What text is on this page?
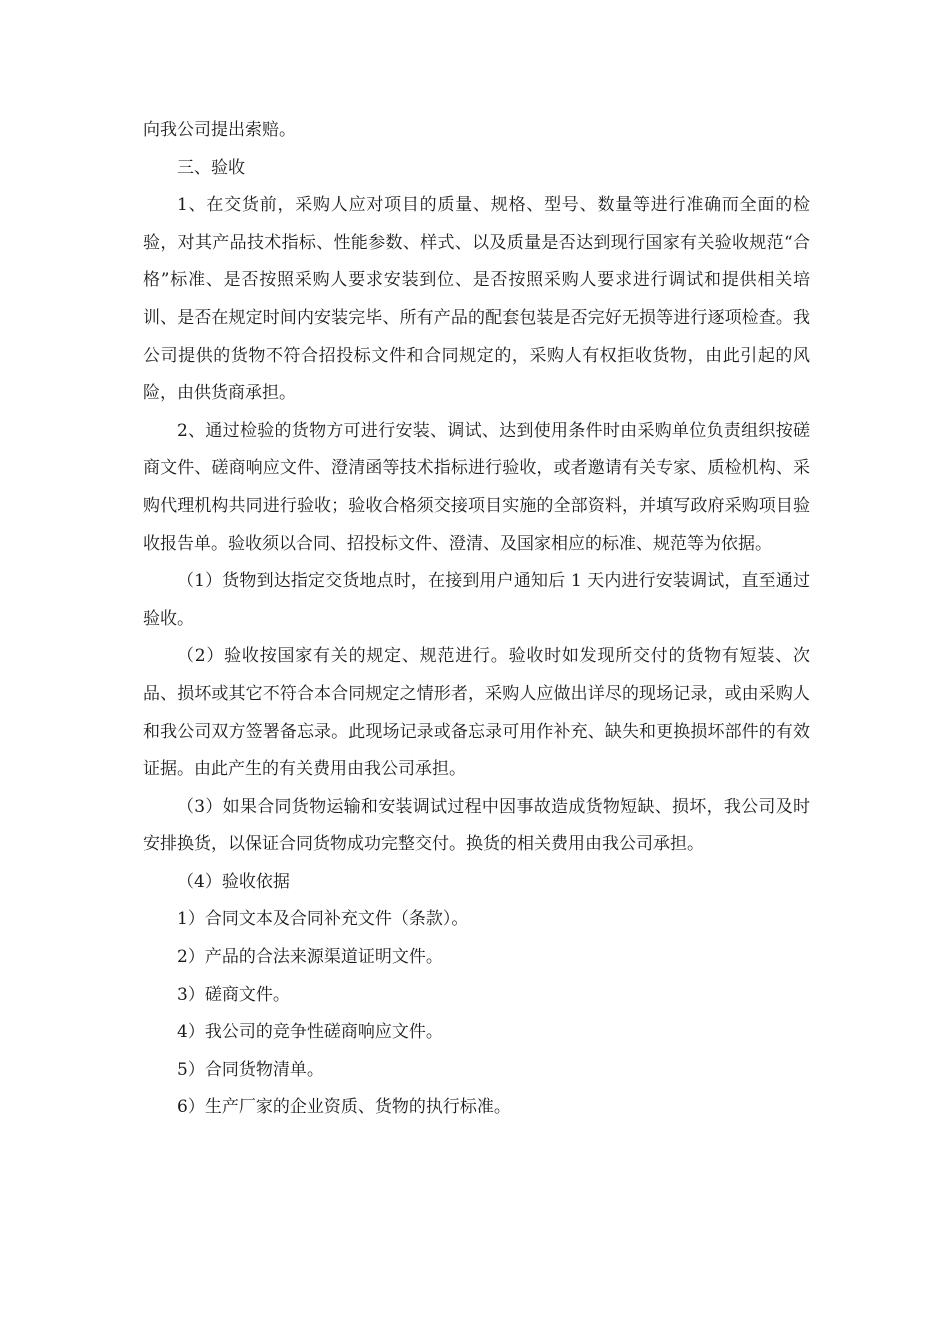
向我公司提出索赔。

三、验收

1、在交货前，采购人应对项目的质量、规格、型号、数量等进行准确而全面的检验，对其产品技术指标、性能参数、样式、以及质量是否达到现行国家有关验收规范“合格”标准、是否按照采购人要求安装到位、是否按照采购人要求进行调试和提供相关培训、是否在规定时间内安装完毕、所有产品的配套包装是否完好无损等进行逐项检查。我公司提供的货物不符合招投标文件和合同规定的，采购人有权拒收货物，由此引起的风险，由供货商承担。

2、通过检验的货物方可进行安装、调试、达到使用条件时由采购单位负责组织按磋商文件、磋商响应文件、澄清函等技术指标进行验收，或者邀请有关专家、质检机构、采购代理机构共同进行验收；验收合格须交接项目实施的全部资料，并填写政府采购项目验收报告单。验收须以合同、招投标文件、澄清、及国家相应的标准、规范等为依据。

（1）货物到达指定交货地点时，在接到用户通知后 1 天内进行安装调试，直至通过验收。

（2）验收按国家有关的规定、规范进行。验收时如发现所交付的货物有短装、次品、损坏或其它不符合本合同规定之情形者，采购人应做出详尽的现场记录，或由采购人和我公司双方签署备忘录。此现场记录或备忘录可用作补充、缺失和更换损坏部件的有效证据。由此产生的有关费用由我公司承担。

（3）如果合同货物运输和安装调试过程中因事故造成货物短缺、损坏，我公司及时安排换货，以保证合同货物成功完整交付。换货的相关费用由我公司承担。

（4）验收依据

1）合同文本及合同补充文件（条款）。

2）产品的合法来源渠道证明文件。

3）磋商文件。

4）我公司的竞争性磋商响应文件。

5）合同货物清单。

6）生产厂家的企业资质、货物的执行标准。
